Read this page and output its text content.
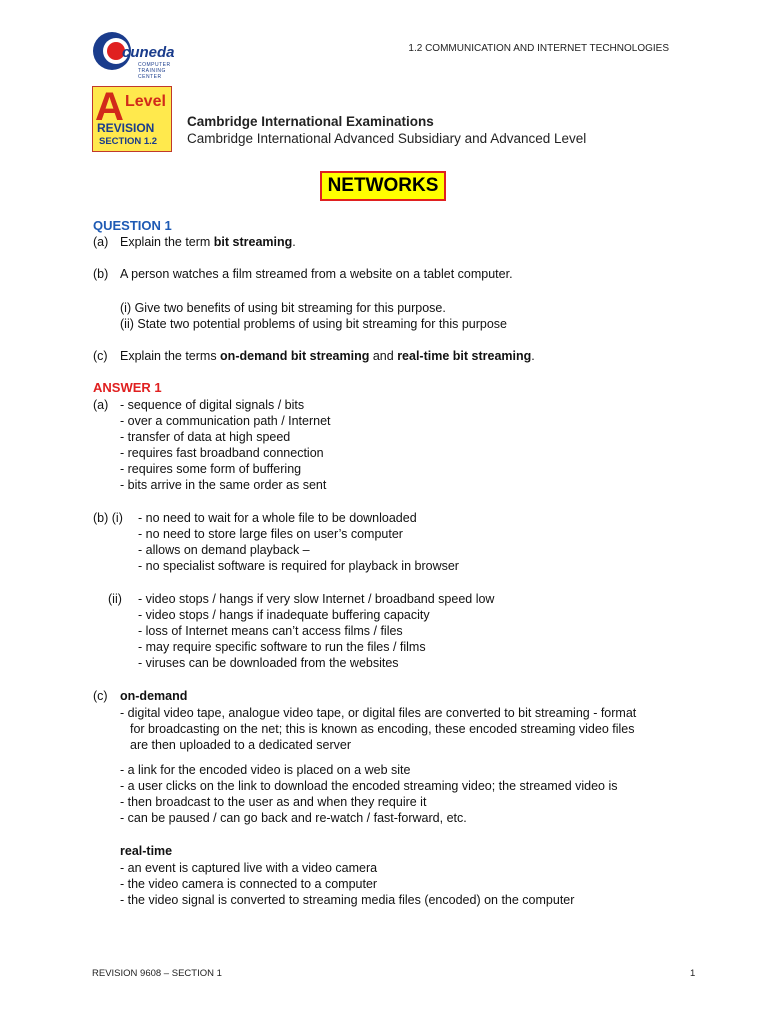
cuneda
COMPUTER TRAINING CENTER
1.2 COMMUNICATION AND INTERNET TECHNOLOGIES
A Level
REVISION
SECTION 1.2
Cambridge International Examinations
Cambridge International Advanced Subsidiary and Advanced Level
NETWORKS
QUESTION 1
(a) Explain the term bit streaming.
(b) A person watches a film streamed from a website on a tablet computer.
(i) Give two benefits of using bit streaming for this purpose.
(ii) State two potential problems of using bit streaming for this purpose
(c) Explain the terms on-demand bit streaming and real-time bit streaming.
ANSWER 1
(a) - sequence of digital signals / bits
- over a communication path / Internet
- transfer of data at high speed
- requires fast broadband connection
- requires some form of buffering
- bits arrive in the same order as sent
(b) (i) - no need to wait for a whole file to be downloaded
- no need to store large files on user’s computer
- allows on demand playback –
- no specialist software is required for playback in browser
(ii) - video stops / hangs if very slow Internet / broadband speed low
- video stops / hangs if inadequate buffering capacity
- loss of Internet means can’t access films / files
- may require specific software to run the files / films
- viruses can be downloaded from the websites
(c) on-demand
- digital video tape, analogue video tape, or digital files are converted to bit streaming - format
for broadcasting on the net; this is known as encoding, these encoded streaming video files
are then uploaded to a dedicated server
- a link for the encoded video is placed on a web site
- a user clicks on the link to download the encoded streaming video; the streamed video is
- then broadcast to the user as and when they require it
- can be paused / can go back and re-watch / fast-forward, etc.
real-time
- an event is captured live with a video camera
- the video camera is connected to a computer
- the video signal is converted to streaming media files (encoded) on the computer
REVISION 9608 – SECTION 1	1
